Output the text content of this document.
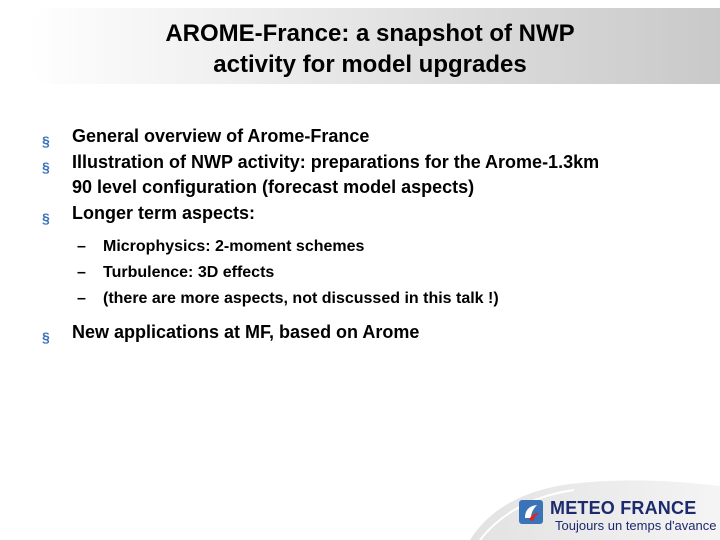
AROME-France: a snapshot of NWP
activity for model upgrades
§ General overview of Arome-France
§ Illustration of NWP activity: preparations for the Arome-1.3km
90 level configuration (forecast model aspects)
§ Longer term aspects:
– Microphysics: 2-moment schemes
– Turbulence: 3D effects
– (there are more aspects, not discussed in this talk !)
§ New applications at MF, based on Arome
METEO FRANCE
Toujours un temps d'avance
